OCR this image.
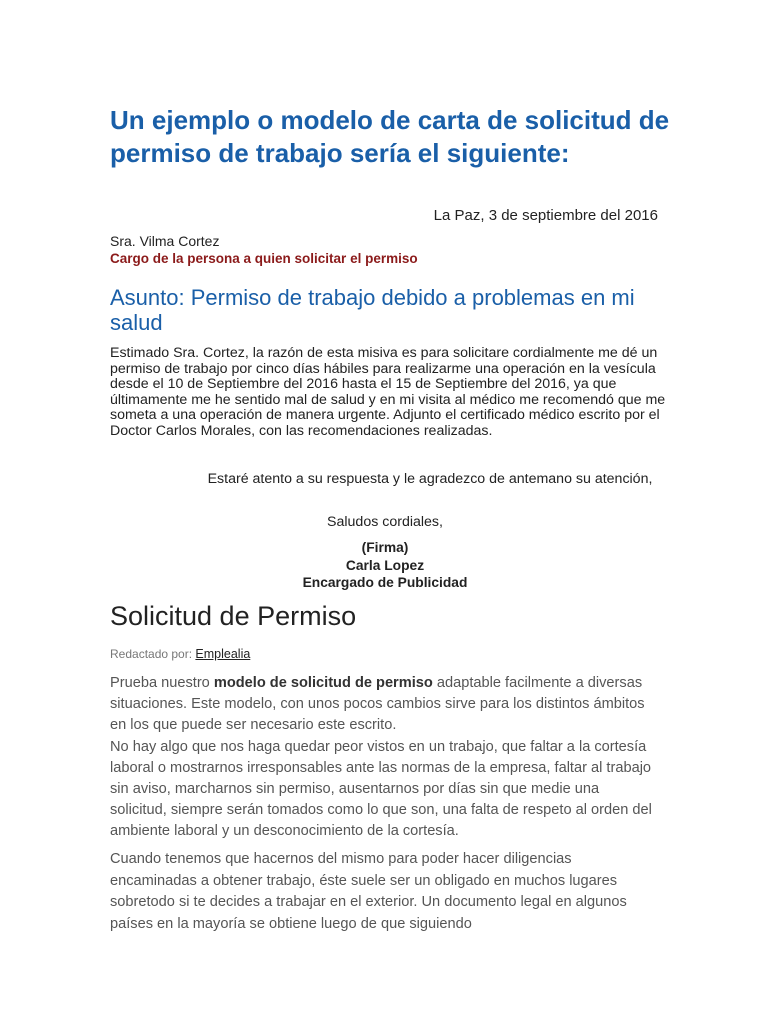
Un ejemplo o modelo de carta de solicitud de permiso de trabajo sería el siguiente:
La Paz, 3 de septiembre del 2016
Sra. Vilma Cortez
Cargo de la persona a quien solicitar el permiso
Asunto: Permiso de trabajo debido a problemas en mi salud

Estimado Sra. Cortez, la razón de esta misiva es para solicitare cordialmente me dé un permiso de trabajo por cinco días hábiles para realizarme una operación en la vesícula desde el 10 de Septiembre del 2016 hasta el 15 de Septiembre del 2016, ya que últimamente me he sentido mal de salud y en mi visita al médico me recomendó que me someta a una operación de manera urgente. Adjunto el certificado médico escrito por el Doctor Carlos Morales, con las recomendaciones realizadas.

Estaré atento a su respuesta y le agradezco de antemano su atención,

Saludos cordiales,
(Firma)
Carla Lopez
Encargado de Publicidad
Solicitud de Permiso
Redactado por: Emplealia

Prueba nuestro modelo de solicitud de permiso adaptable facilmente a diversas situaciones. Este modelo, con unos pocos cambios sirve para los distintos ámbitos en los que puede ser necesario este escrito.
No hay algo que nos haga quedar peor vistos en un trabajo, que faltar a la cortesía laboral o mostrarnos irresponsables ante las normas de la empresa, faltar al trabajo sin aviso, marcharnos sin permiso, ausentarnos por días sin que medie una solicitud, siempre serán tomados como lo que son, una falta de respeto al orden del ambiente laboral y un desconocimiento de la cortesía.

Cuando tenemos que hacernos del mismo para poder hacer diligencias encaminadas a obtener trabajo, éste suele ser un obligado en muchos lugares sobretodo si te decides a trabajar en el exterior. Un documento legal en algunos países en la mayoría se obtiene luego de que siguiendo
